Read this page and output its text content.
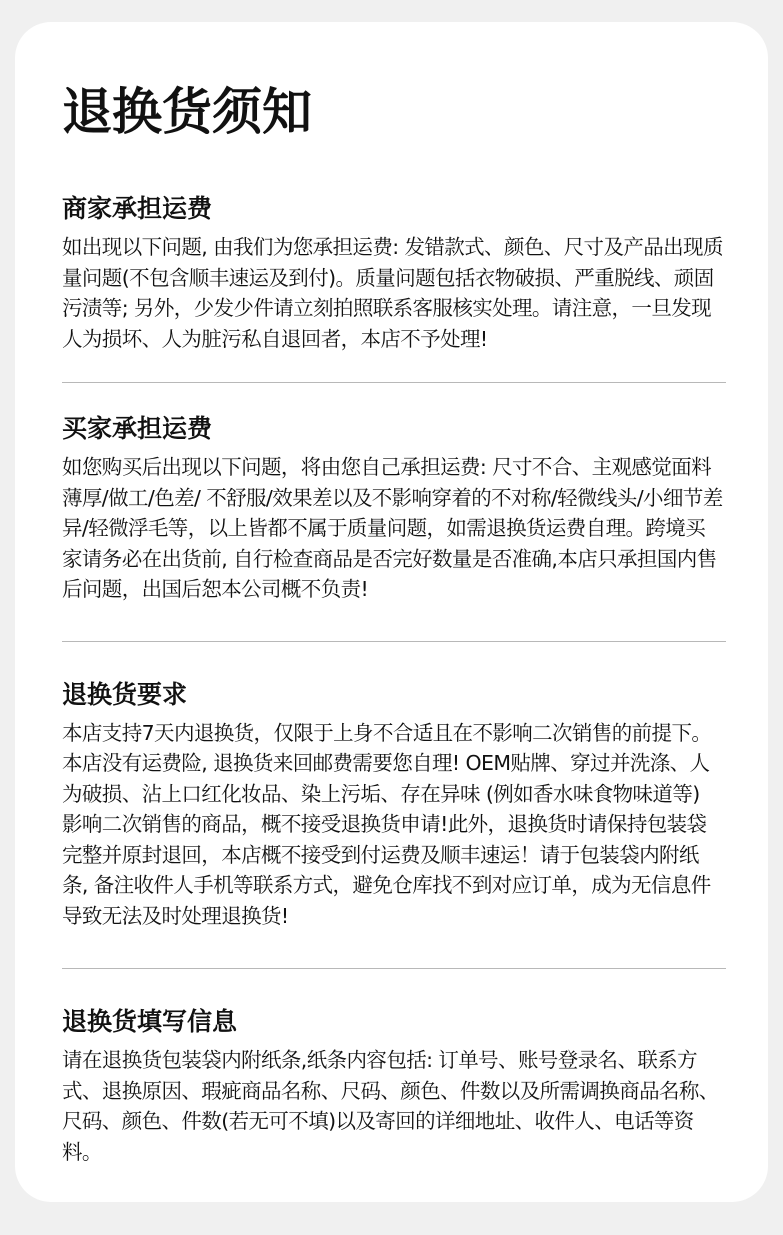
退换货须知
商家承担运费

如出现以下问题, 由我们为您承担运费: 发错款式、颜色、尺寸及产品出现质量问题(不包含顺丰速运及到付)。质量问题包括衣物破损、严重脱线、顽固污渍等; 另外，少发少件请立刻拍照联系客服核实处理。请注意，一旦发现人为损坏、人为脏污私自退回者，本店不予处理!

买家承担运费

如您购买后出现以下问题，将由您自己承担运费: 尺寸不合、主观感觉面料薄厚/做工/色差/ 不舒服/效果差以及不影响穿着的不对称/轻微线头/小细节差异/轻微浮毛等，以上皆都不属于质量问题，如需退换货运费自理。跨境买家请务必在出货前, 自行检查商品是否完好数量是否准确,本店只承担国内售后问题，出国后恕本公司概不负责!

退换货要求

本店支持7天内退换货，仅限于上身不合适且在不影响二次销售的前提下。本店没有运费险, 退换货来回邮费需要您自理! OEM贴牌、穿过并洗涤、人为破损、沾上口红化妆品、染上污垢、存在异味 (例如香水味食物味道等) 影响二次销售的商品，概不接受退换货申请!此外，退换货时请保持包装袋完整并原封退回，本店概不接受到付运费及顺丰速运！请于包装袋内附纸条, 备注收件人手机等联系方式，避免仓库找不到对应订单，成为无信息件导致无法及时处理退换货!

退换货填写信息

请在退换货包装袋内附纸条,纸条内容包括: 订单号、账号登录名、联系方式、退换原因、瑕疵商品名称、尺码、颜色、件数以及所需调换商品名称、尺码、颜色、件数(若无可不填)以及寄回的详细地址、收件人、电话等资料。
